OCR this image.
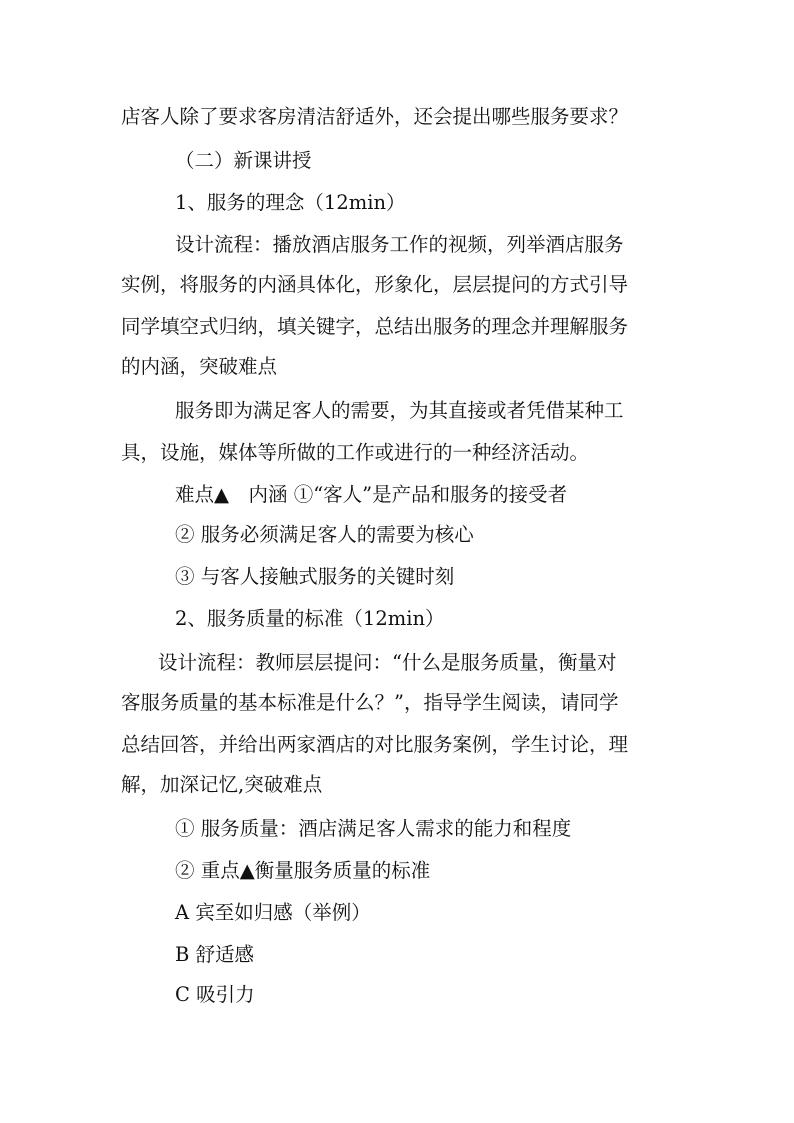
店客人除了要求客房清洁舒适外，还会提出哪些服务要求？
（二）新课讲授
1、服务的理念（12min）
设计流程：播放酒店服务工作的视频，列举酒店服务
实例，将服务的内涵具体化，形象化，层层提问的方式引导
同学填空式归纳，填关键字，总结出服务的理念并理解服务
的内涵，突破难点
服务即为满足客人的需要，为其直接或者凭借某种工
具，设施，媒体等所做的工作或进行的一种经济活动。
难点▲　内涵 ①“客人”是产品和服务的接受者
② 服务必须满足客人的需要为核心
③ 与客人接触式服务的关键时刻
2、服务质量的标准（12min）
设计流程：教师层层提问：“什么是服务质量，衡量对
客服务质量的基本标准是什么？”，指导学生阅读，请同学
总结回答，并给出两家酒店的对比服务案例，学生讨论，理
解，加深记忆,突破难点
① 服务质量：酒店满足客人需求的能力和程度
② 重点▲衡量服务质量的标准
A 宾至如归感（举例）
B 舒适感
C 吸引力
